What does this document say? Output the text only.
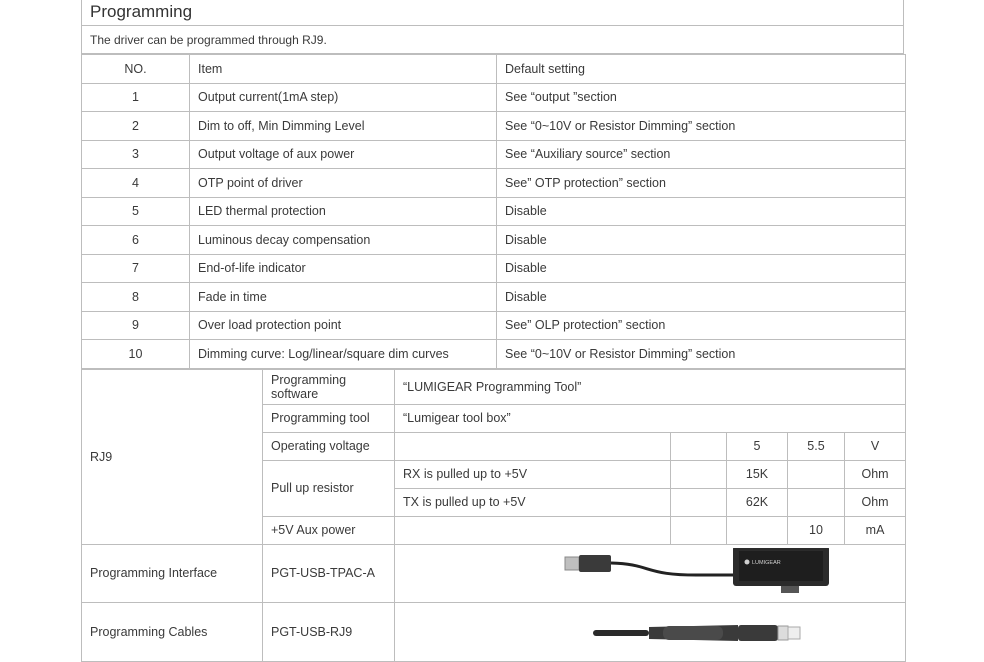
Programming
The driver can be programmed through RJ9.
NO.	Item	Default setting
1	Output current(1mA step)	See “output ”section
2	Dim to off, Min Dimming Level	See “0~10V or Resistor Dimming” section
3	Output voltage of aux power	See “Auxiliary source” section
4	OTP point of driver	See” OTP protection” section
5	LED thermal protection	Disable
6	Luminous decay compensation	Disable
7	End-of-life indicator	Disable
8	Fade in time	Disable
9	Over load protection point	See” OLP protection” section
10	Dimming curve: Log/linear/square dim curves	See “0~10V or Resistor Dimming” section
RJ9	Programming software	“LUMIGEAR Programming Tool”				
	Programming tool	“Lumigear tool box”				
	Operating voltage			5	5.5	V
	Pull up resistor	RX is pulled up to +5V		15K		Ohm
		TX is pulled up to +5V		62K		Ohm
	+5V Aux power				10	mA
Programming Interface	PGT-USB-TPAC-A	LUMIGEAR				

Programming Cables	PGT-USB-RJ9	
